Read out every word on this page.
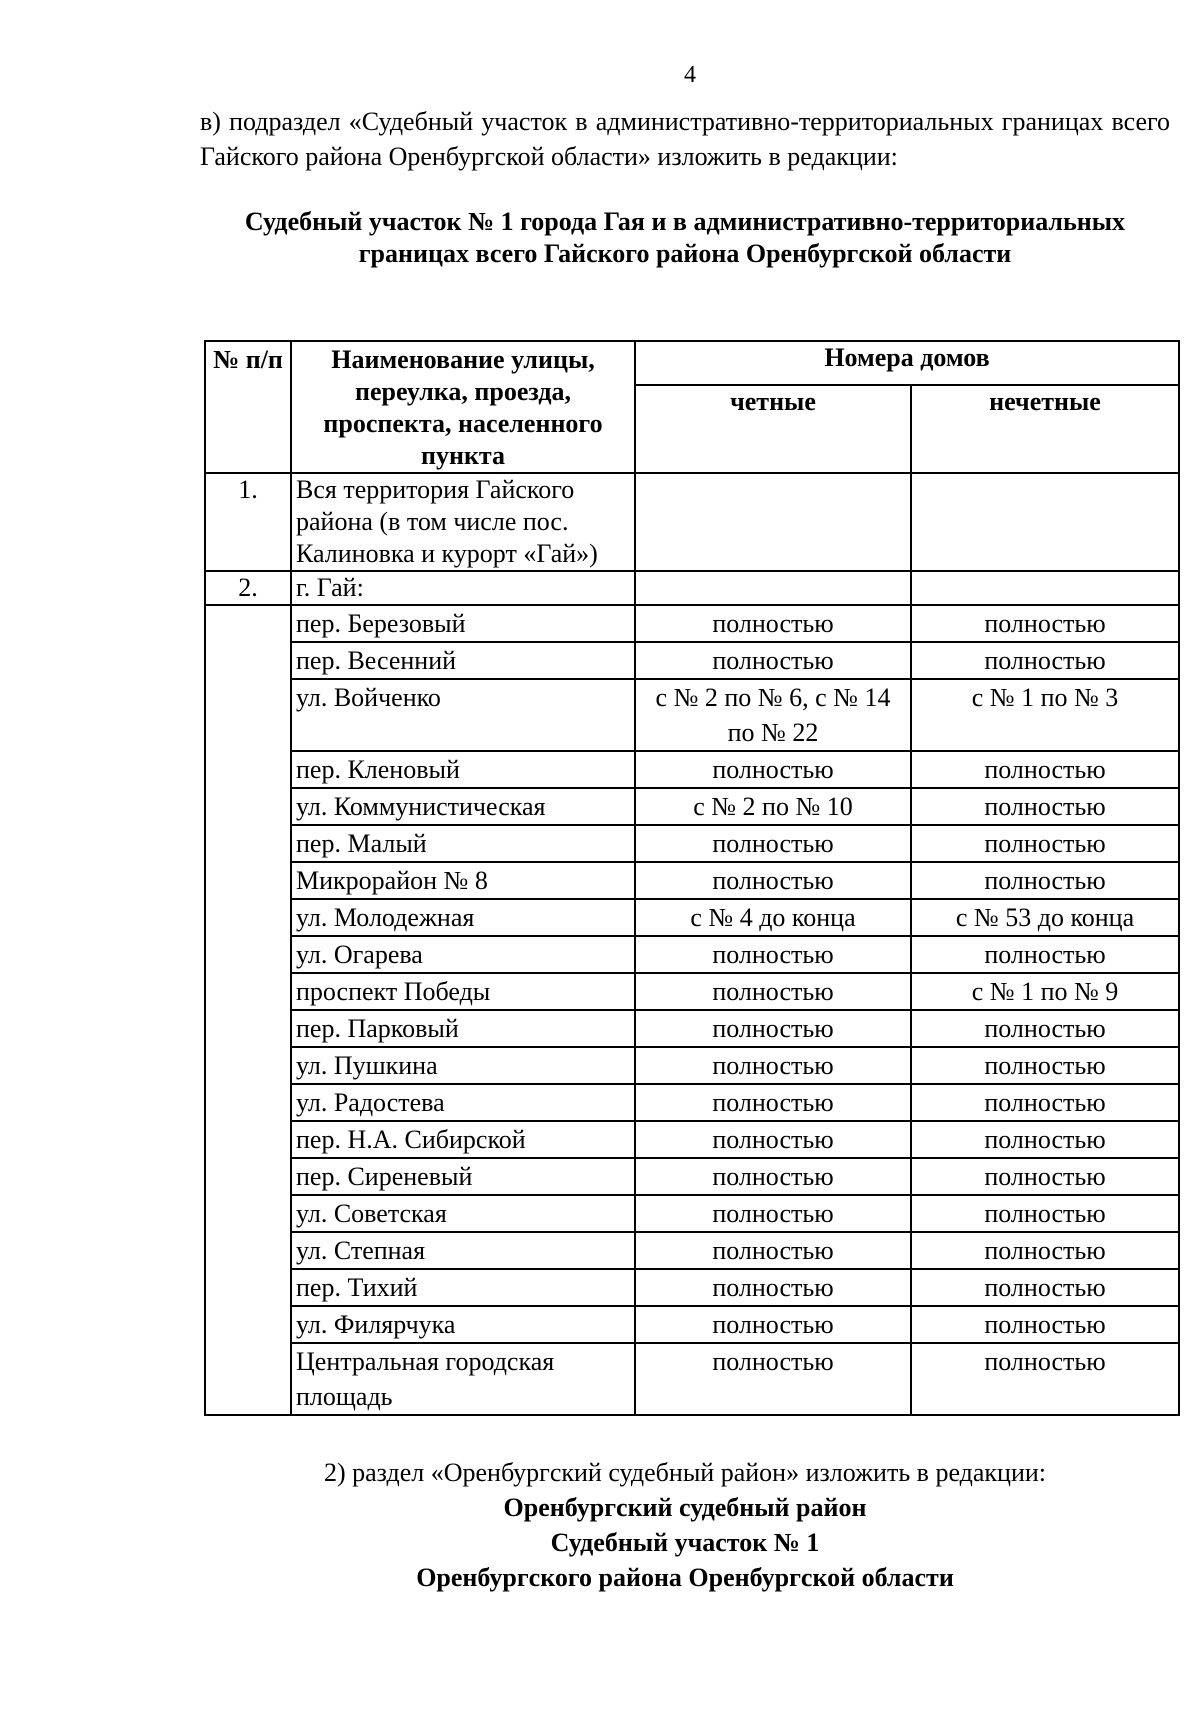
4
в) подраздел «Судебный участок в административно-территориальных границах всего Гайского района Оренбургской области» изложить в редакции:
Судебный участок № 1 города Гая и в административно-территориальных границах всего Гайского района Оренбургской области
№ п/п	Наименование улицы, переулка, проезда, проспекта, населенного пункта	Номера домов	
		четные	нечетные
1.	Вся территория Гайского района (в том числе пос. Калиновка и курорт «Гай»)		
2.	г. Гай:		
	пер. Березовый	полностью	полностью
	пер. Весенний	полностью	полностью
	ул. Войченко	с № 2 по № 6, с № 14 по № 22	с № 1 по № 3
	пер. Кленовый	полностью	полностью
	ул. Коммунистическая	с № 2 по № 10	полностью
	пер. Малый	полностью	полностью
	Микрорайон № 8	полностью	полностью
	ул. Молодежная	с № 4 до конца	с № 53 до конца
	ул. Огарева	полностью	полностью
	проспект Победы	полностью	с № 1 по № 9
	пер. Парковый	полностью	полностью
	ул. Пушкина	полностью	полностью
	ул. Радостева	полностью	полностью
	пер. Н.А. Сибирской	полностью	полностью
	пер. Сиреневый	полностью	полностью
	ул. Советская	полностью	полностью
	ул. Степная	полностью	полностью
	пер. Тихий	полностью	полностью
	ул. Филярчука	полностью	полностью
	Центральная городская площадь	полностью	полностью
2) раздел «Оренбургский судебный район» изложить в редакции:
Оренбургский судебный район
Судебный участок № 1
Оренбургского района Оренбургской области
